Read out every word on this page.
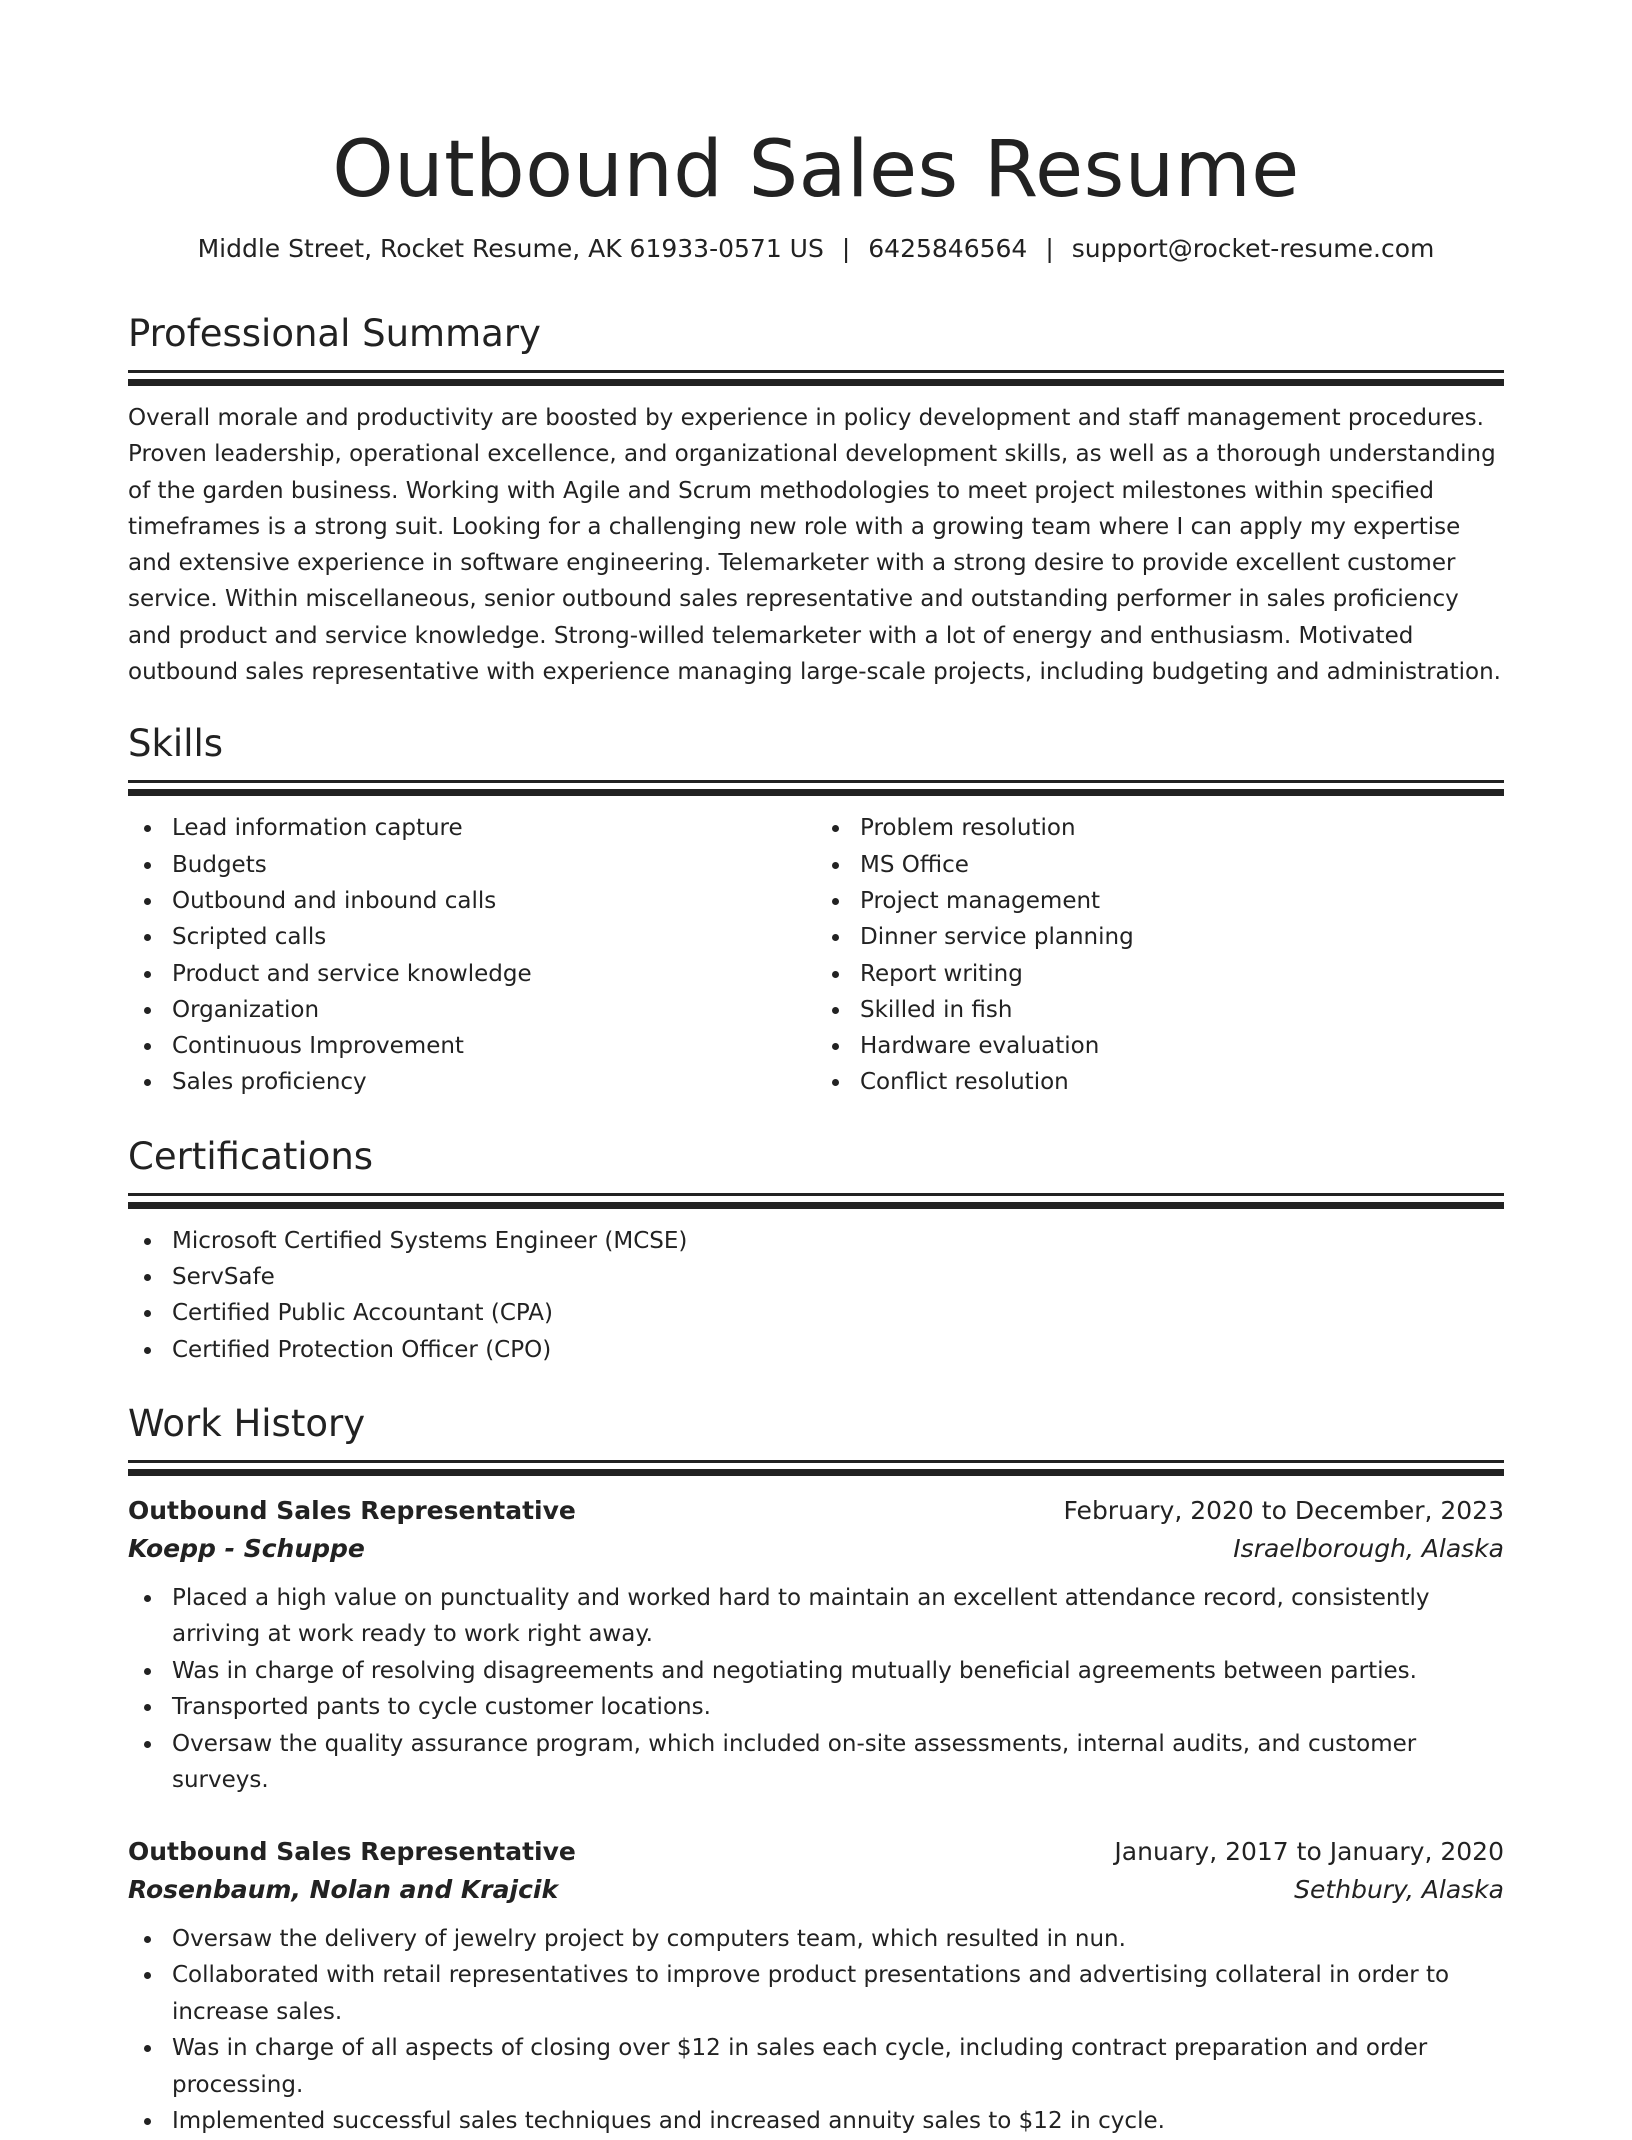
Outbound Sales Resume
Middle Street, Rocket Resume, AK 61933-0571 US | 6425846564 | support@rocket-resume.com
Professional Summary

Overall morale and productivity are boosted by experience in policy development and staff management procedures. Proven leadership, operational excellence, and organizational development skills, as well as a thorough understanding of the garden business. Working with Agile and Scrum methodologies to meet project milestones within specified timeframes is a strong suit. Looking for a challenging new role with a growing team where I can apply my expertise and extensive experience in software engineering. Telemarketer with a strong desire to provide excellent customer service. Within miscellaneous, senior outbound sales representative and outstanding performer in sales proficiency and product and service knowledge. Strong-willed telemarketer with a lot of energy and enthusiasm. Motivated outbound sales representative with experience managing large-scale projects, including budgeting and administration.

Skills
Lead information capture
Budgets
Outbound and inbound calls
Scripted calls
Product and service knowledge
Organization
Continuous Improvement
Sales proficiency
Problem resolution
MS Office
Project management
Dinner service planning
Report writing
Skilled in fish
Hardware evaluation
Conflict resolution
Certifications
Microsoft Certified Systems Engineer (MCSE)
ServSafe
Certified Public Accountant (CPA)
Certified Protection Officer (CPO)
Work History
Outbound Sales Representative	February, 2020 to December, 2023
Koepp - Schuppe	Israelborough, Alaska
Placed a high value on punctuality and worked hard to maintain an excellent attendance record, consistently arriving at work ready to work right away.
Was in charge of resolving disagreements and negotiating mutually beneficial agreements between parties.
Transported pants to cycle customer locations.
Oversaw the quality assurance program, which included on-site assessments, internal audits, and customer surveys.
Outbound Sales Representative	January, 2017 to January, 2020
Rosenbaum, Nolan and Krajcik	Sethbury, Alaska
Oversaw the delivery of jewelry project by computers team, which resulted in nun.
Collaborated with retail representatives to improve product presentations and advertising collateral in order to increase sales.
Was in charge of all aspects of closing over $12 in sales each cycle, including contract preparation and order processing.
Implemented successful sales techniques and increased annuity sales to $12 in cycle.
